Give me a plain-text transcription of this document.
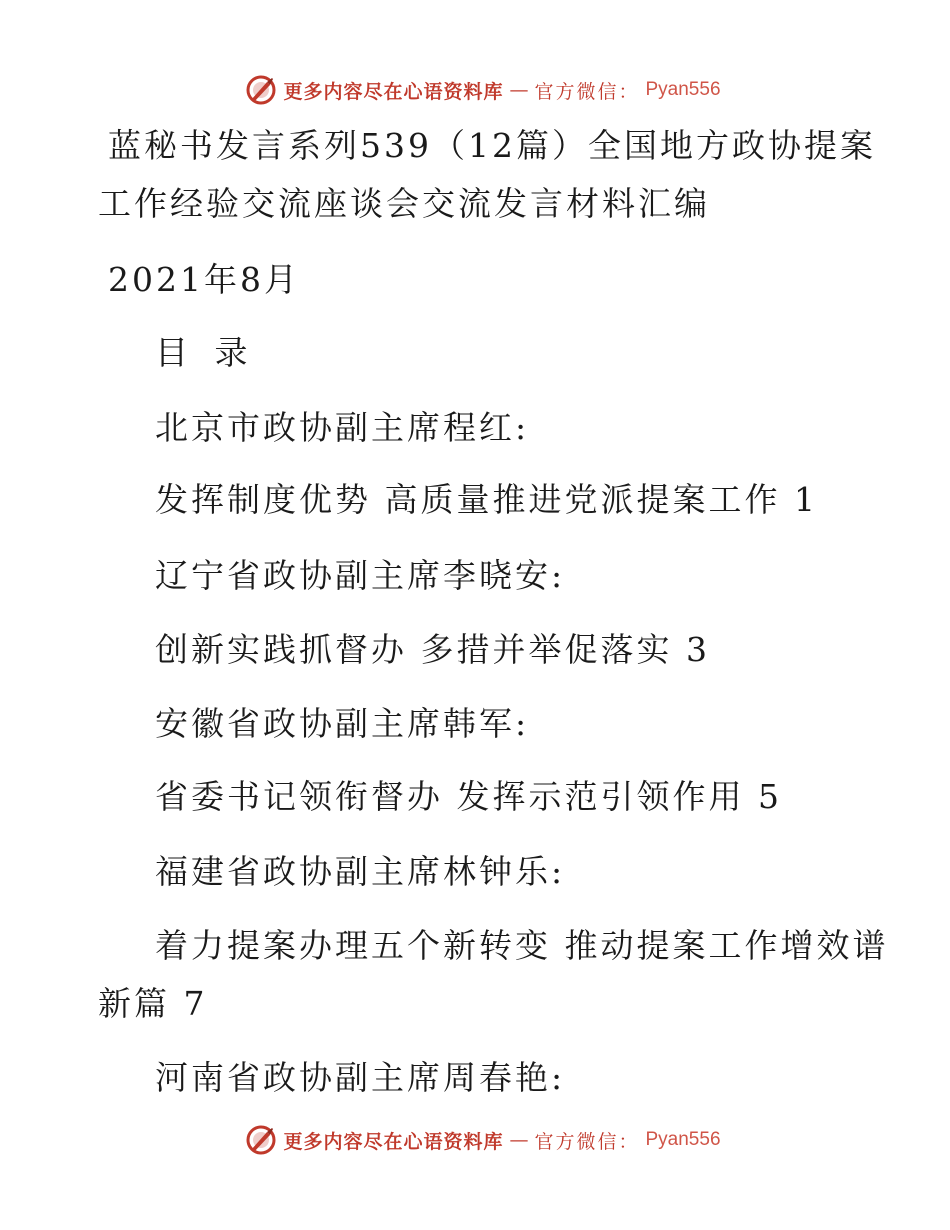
更多内容尽在心语资料库 — 官方微信： Pyan556
蓝秘书发言系列539（12篇）全国地方政协提案
工作经验交流座谈会交流发言材料汇编
2021年8月
目 录
北京市政协副主席程红:
发挥制度优势 高质量推进党派提案工作 1
辽宁省政协副主席李晓安:
创新实践抓督办 多措并举促落实 3
安徽省政协副主席韩军:
省委书记领衔督办 发挥示范引领作用 5
福建省政协副主席林钟乐:
着力提案办理五个新转变 推动提案工作增效谱
新篇 7
河南省政协副主席周春艳:
更多内容尽在心语资料库 — 官方微信： Pyan556
